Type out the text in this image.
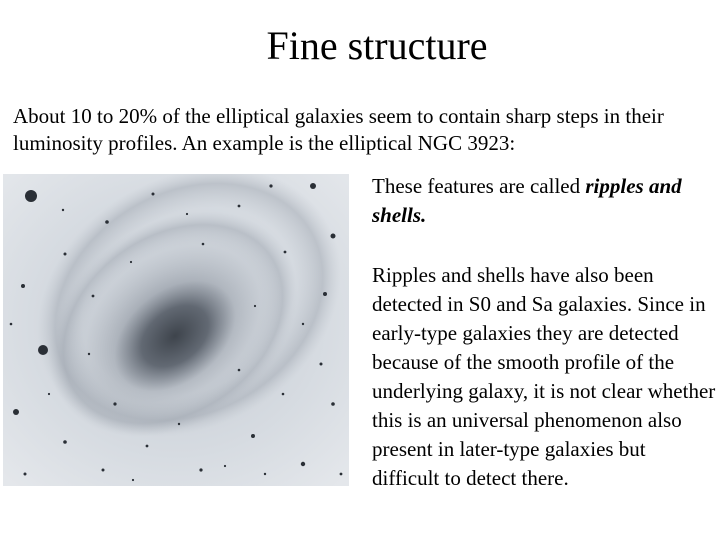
Fine structure

About 10 to 20% of the elliptical galaxies seem to contain sharp steps in their luminosity profiles. An example is the elliptical NGC 3923:

These features are called ripples and shells.

Ripples and shells have also been detected in S0 and Sa galaxies. Since in early-type galaxies they are detected because of the smooth profile of the underlying galaxy, it is not clear whether this is an universal phenomenon also present in later-type galaxies but difficult to detect there.
